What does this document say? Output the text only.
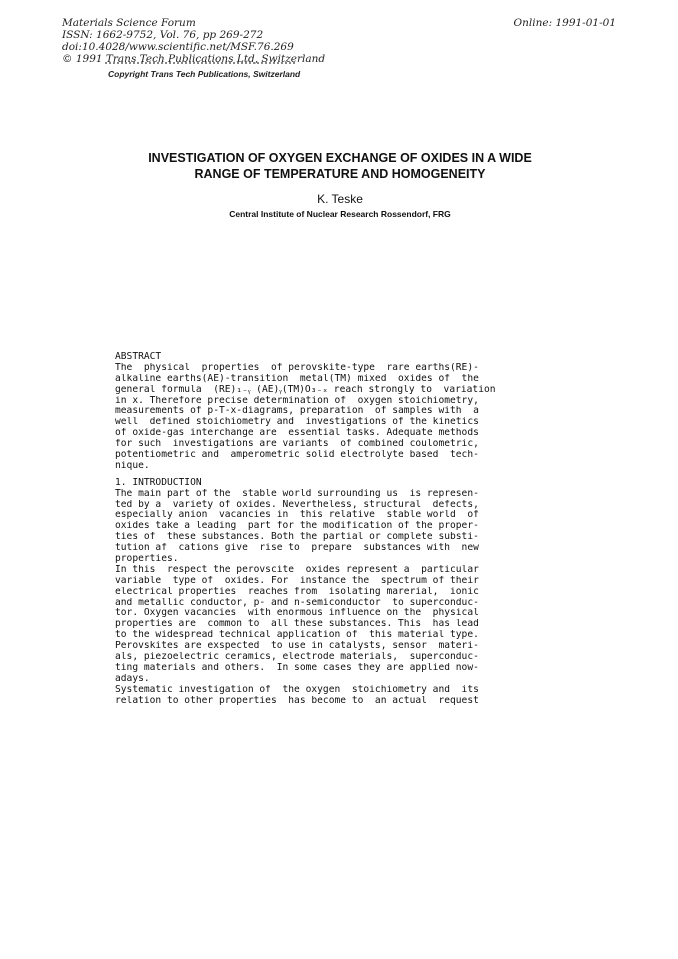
Materials Science Forum
ISSN: 1662-9752, Vol. 76, pp 269-272
doi:10.4028/www.scientific.net/MSF.76.269
© 1991 Trans Tech Publications Ltd, Switzerland
Online: 1991-01-01
Copyright Trans Tech Publications, Switzerland
INVESTIGATION OF OXYGEN EXCHANGE OF OXIDES IN A WIDE
RANGE OF TEMPERATURE AND HOMOGENEITY
K. Teske
Central Institute of Nuclear Research Rossendorf, FRG
ABSTRACT
The  physical  properties  of perovskite-type  rare earths(RE)-
alkaline earths(AE)-transition  metal(TM) mixed  oxides of  the
general formula  (RE)₁₋ᵧ (AE)ᵧ(TM)O₃₋ₓ reach strongly to  variation
in x. Therefore precise determination of  oxygen stoichiometry,
measurements of p-T-x-diagrams, preparation  of samples with  a
well  defined stoichiometry and  investigations of the kinetics
of oxide-gas interchange are  essential tasks. Adequate methods
for such  investigations are variants  of combined coulometric,
potentiometric and  amperometric solid electrolyte based  tech-
nique.
1. INTRODUCTION
The main part of the  stable world surrounding us  is represen-
ted by a  variety of oxides. Nevertheless, structural  defects,
especially anion  vacancies in  this relative  stable world  of
oxides take a leading  part for the modification of the proper-
ties of  these substances. Both the partial or complete substi-
tution af  cations give  rise to  prepare  substances with  new
properties.
In this  respect the perovscite  oxides represent a  particular
variable  type of  oxides. For  instance the  spectrum of their
electrical properties  reaches from  isolating marerial,  ionic
and metallic conductor, p- and n-semiconductor  to superconduc-
tor. Oxygen vacancies  with enormous influence on the  physical
properties are  common to  all these substances. This  has lead
to the widespread technical application of  this material type.
Perovskites are exspected  to use in catalysts, sensor  materi-
als, piezoelectric ceramics, electrode materials,  superconduc-
ting materials and others.  In some cases they are applied now-
adays.
Systematic investigation of  the oxygen  stoichiometry and  its
relation to other properties  has become to  an actual  request
